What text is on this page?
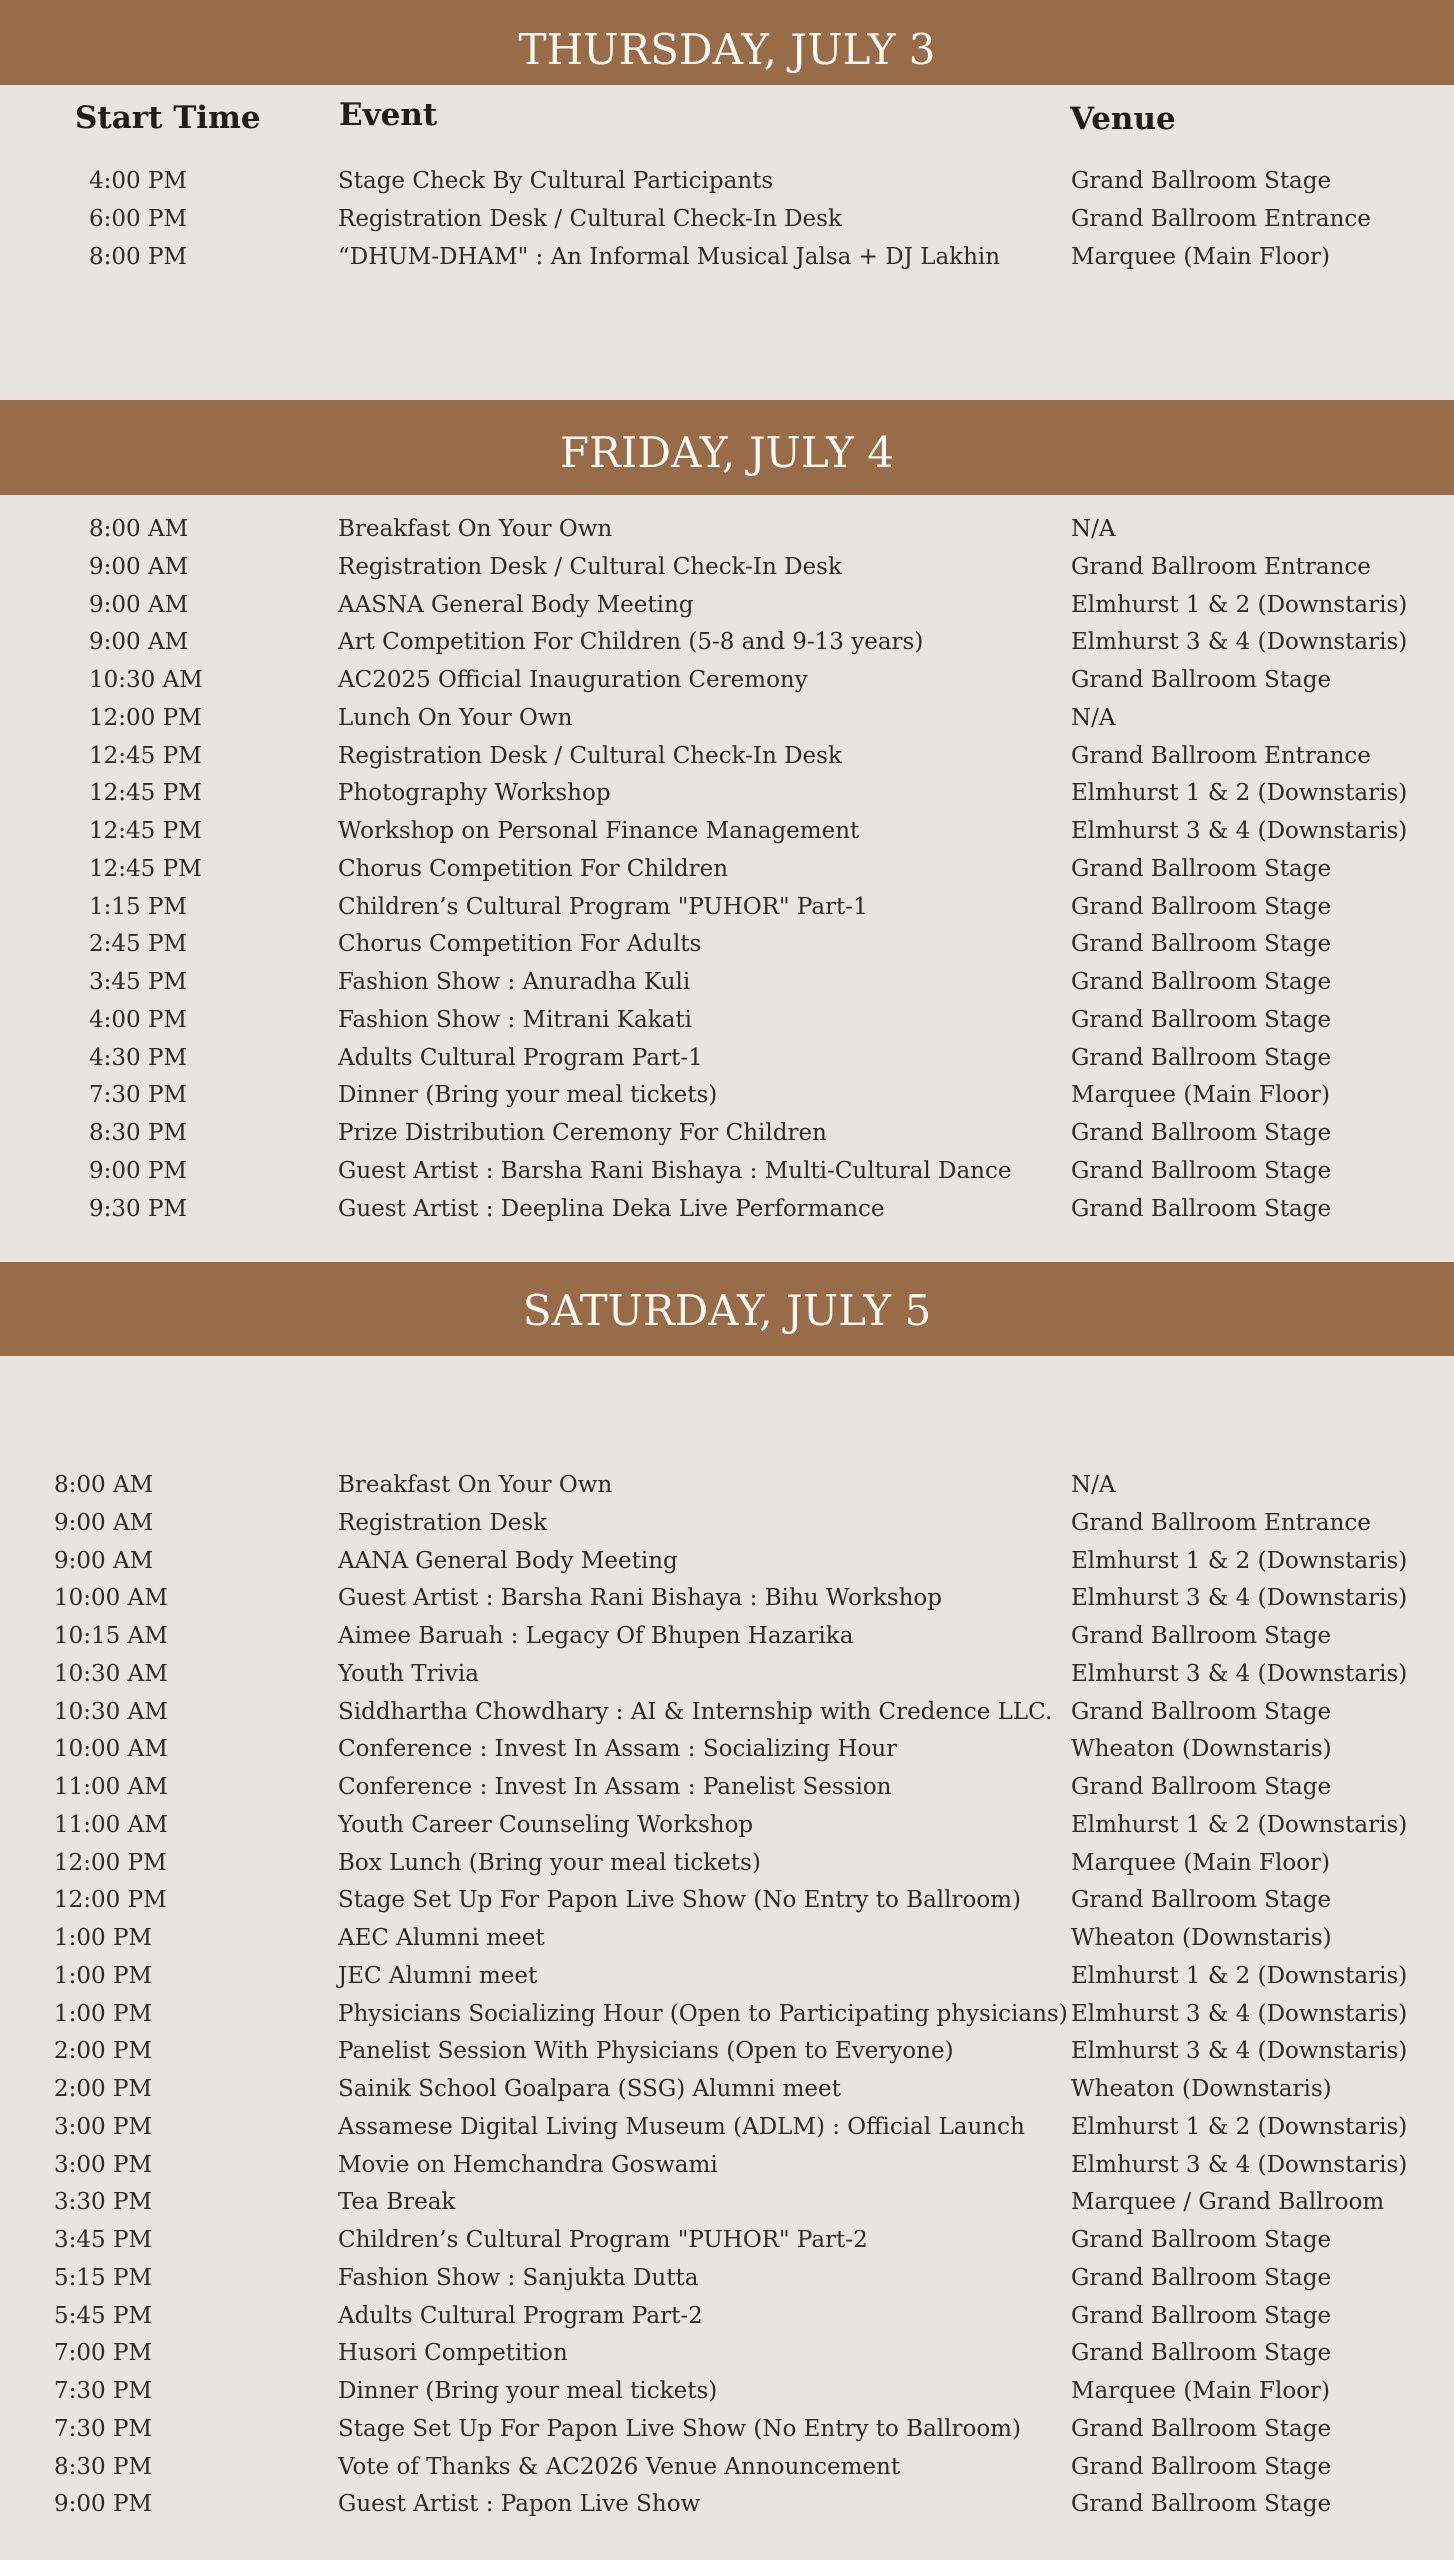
THURSDAY, JULY 3
Start Time	Event	Venue
4:00 PM	Stage Check By Cultural Participants	Grand Ballroom Stage
6:00 PM	Registration Desk / Cultural Check-In Desk	Grand Ballroom Entrance
8:00 PM	“DHUM-DHAM" : An Informal Musical Jalsa + DJ Lakhin	Marquee (Main Floor)
FRIDAY, JULY 4
8:00 AM	Breakfast On Your Own	N/A
9:00 AM	Registration Desk / Cultural Check-In Desk	Grand Ballroom Entrance
9:00 AM	AASNA General Body Meeting	Elmhurst 1 & 2 (Downstaris)
9:00 AM	Art Competition For Children (5-8 and 9-13 years)	Elmhurst 3 & 4 (Downstaris)
10:30 AM	AC2025 Official Inauguration Ceremony	Grand Ballroom Stage
12:00 PM	Lunch On Your Own	N/A
12:45 PM	Registration Desk / Cultural Check-In Desk	Grand Ballroom Entrance
12:45 PM	Photography Workshop	Elmhurst 1 & 2 (Downstaris)
12:45 PM	Workshop on Personal Finance Management	Elmhurst 3 & 4 (Downstaris)
12:45 PM	Chorus Competition For Children	Grand Ballroom Stage
1:15 PM	Children’s Cultural Program "PUHOR" Part-1	Grand Ballroom Stage
2:45 PM	Chorus Competition For Adults	Grand Ballroom Stage
3:45 PM	Fashion Show : Anuradha Kuli	Grand Ballroom Stage
4:00 PM	Fashion Show : Mitrani Kakati	Grand Ballroom Stage
4:30 PM	Adults Cultural Program Part-1	Grand Ballroom Stage
7:30 PM	Dinner (Bring your meal tickets)	Marquee (Main Floor)
8:30 PM	Prize Distribution Ceremony For Children	Grand Ballroom Stage
9:00 PM	Guest Artist : Barsha Rani Bishaya : Multi-Cultural Dance	Grand Ballroom Stage
9:30 PM	Guest Artist : Deeplina Deka Live Performance	Grand Ballroom Stage
SATURDAY, JULY 5
8:00 AM	Breakfast On Your Own	N/A
9:00 AM	Registration Desk	Grand Ballroom Entrance
9:00 AM	AANA General Body Meeting	Elmhurst 1 & 2 (Downstaris)
10:00 AM	Guest Artist : Barsha Rani Bishaya : Bihu Workshop	Elmhurst 3 & 4 (Downstaris)
10:15 AM	Aimee Baruah : Legacy Of Bhupen Hazarika	Grand Ballroom Stage
10:30 AM	Youth Trivia	Elmhurst 3 & 4 (Downstaris)
10:30 AM	Siddhartha Chowdhary : AI & Internship with Credence LLC. Grand Ballroom Stage
10:00 AM	Conference : Invest In Assam : Socializing Hour	Wheaton (Downstaris)
11:00 AM	Conference : Invest In Assam : Panelist Session	Grand Ballroom Stage
11:00 AM	Youth Career Counseling Workshop	Elmhurst 1 & 2 (Downstaris)
12:00 PM	Box Lunch (Bring your meal tickets)	Marquee (Main Floor)
12:00 PM	Stage Set Up For Papon Live Show (No Entry to Ballroom) Grand Ballroom Stage
1:00 PM	AEC Alumni meet	Wheaton (Downstaris)
1:00 PM	JEC Alumni meet	Elmhurst 1 & 2 (Downstaris)
1:00 PM	Physicians Socializing Hour (Open to Participating physicians) Elmhurst 3 & 4 (Downstaris)
2:00 PM	Panelist Session With Physicians (Open to Everyone)	Elmhurst 3 & 4 (Downstaris)
2:00 PM	Sainik School Goalpara (SSG) Alumni meet	Wheaton (Downstaris)
3:00 PM	Assamese Digital Living Museum (ADLM) : Official Launch Elmhurst 1 & 2 (Downstaris)
3:00 PM	Movie on Hemchandra Goswami	Elmhurst 3 & 4 (Downstaris)
3:30 PM	Tea Break	Marquee / Grand Ballroom
3:45 PM	Children’s Cultural Program "PUHOR" Part-2	Grand Ballroom Stage
5:15 PM	Fashion Show : Sanjukta Dutta	Grand Ballroom Stage
5:45 PM	Adults Cultural Program Part-2	Grand Ballroom Stage
7:00 PM	Husori Competition	Grand Ballroom Stage
7:30 PM	Dinner (Bring your meal tickets)	Marquee (Main Floor)
7:30 PM	Stage Set Up For Papon Live Show (No Entry to Ballroom) Grand Ballroom Stage
8:30 PM	Vote of Thanks & AC2026 Venue Announcement	Grand Ballroom Stage
9:00 PM	Guest Artist : Papon Live Show	Grand Ballroom Stage
